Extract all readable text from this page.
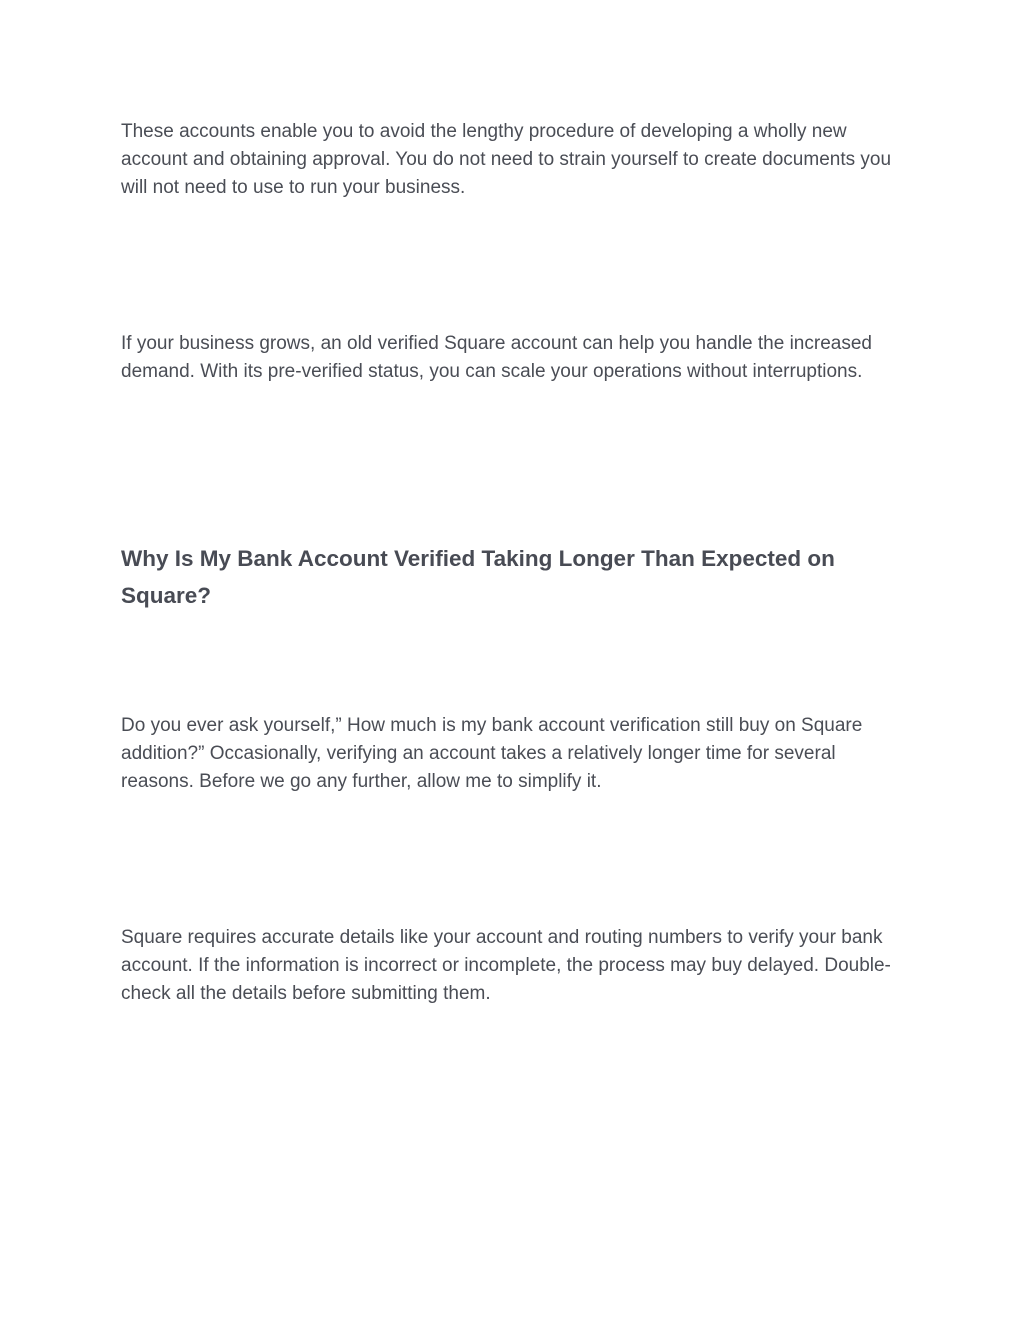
These accounts enable you to avoid the lengthy procedure of developing a wholly new account and obtaining approval. You do not need to strain yourself to create documents you will not need to use to run your business.

If your business grows, an old verified Square account can help you handle the increased demand. With its pre-verified status, you can scale your operations without interruptions.

Why Is My Bank Account Verified Taking Longer Than Expected on Square?

Do you ever ask yourself,” How much is my bank account verification still buy on Square addition?” Occasionally, verifying an account takes a relatively longer time for several reasons. Before we go any further, allow me to simplify it.

Square requires accurate details like your account and routing numbers to verify your bank account. If the information is incorrect or incomplete, the process may buy delayed. Double-check all the details before submitting them.
